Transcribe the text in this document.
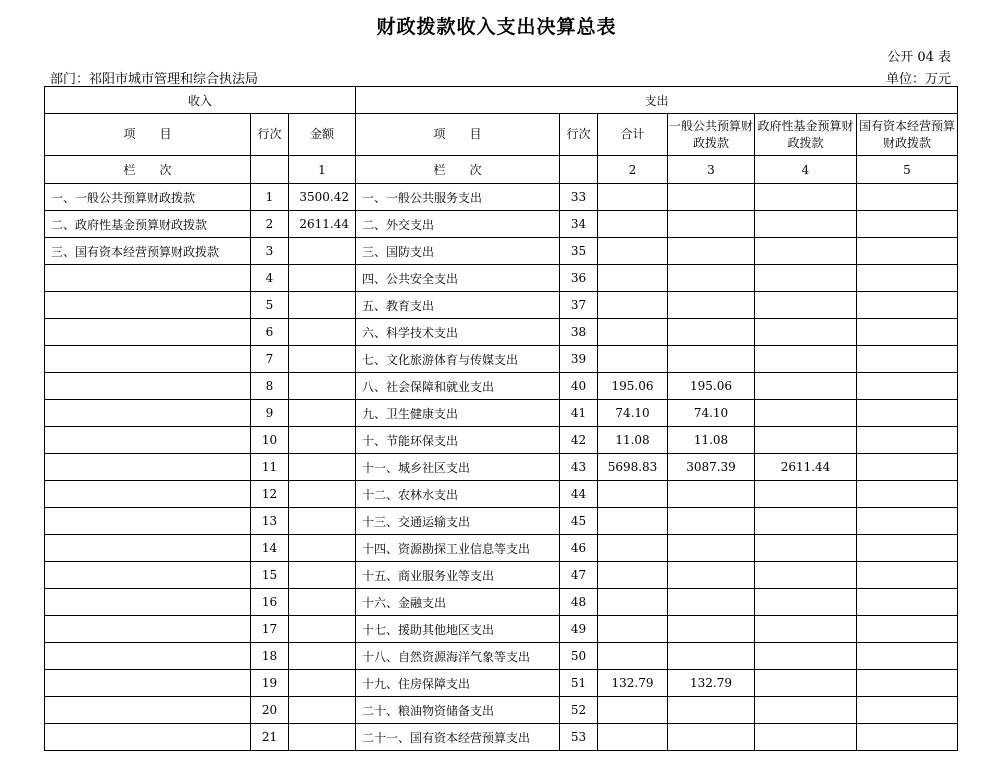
财政拨款收入支出决算总表
公开 04 表
部门：祁阳市城市管理和综合执法局	单位：万元
收入			支出					
项　　目	行次	金额	项　　目	行次	合计	一般公共预算财政拨款	政府性基金预算财政拨款	国有资本经营预算财政拨款
栏　　次		1	栏　　次		2	3	4	5
一、一般公共预算财政拨款	1	3500.42	一、一般公共服务支出	33				
二、政府性基金预算财政拨款	2	2611.44	二、外交支出	34				
三、国有资本经营预算财政拨款	3		三、国防支出	35				
	4		四、公共安全支出	36				
	5		五、教育支出	37				
	6		六、科学技术支出	38				
	7		七、文化旅游体育与传媒支出	39				
	8		八、社会保障和就业支出	40	195.06	195.06		
	9		九、卫生健康支出	41	74.10	74.10		
	10		十、节能环保支出	42	11.08	11.08		
	11		十一、城乡社区支出	43	5698.83	3087.39	2611.44	
	12		十二、农林水支出	44				
	13		十三、交通运输支出	45				
	14		十四、资源勘探工业信息等支出	46				
	15		十五、商业服务业等支出	47				
	16		十六、金融支出	48				
	17		十七、援助其他地区支出	49				
	18		十八、自然资源海洋气象等支出	50				
	19		十九、住房保障支出	51	132.79	132.79		
	20		二十、粮油物资储备支出	52				
	21		二十一、国有资本经营预算支出	53				
